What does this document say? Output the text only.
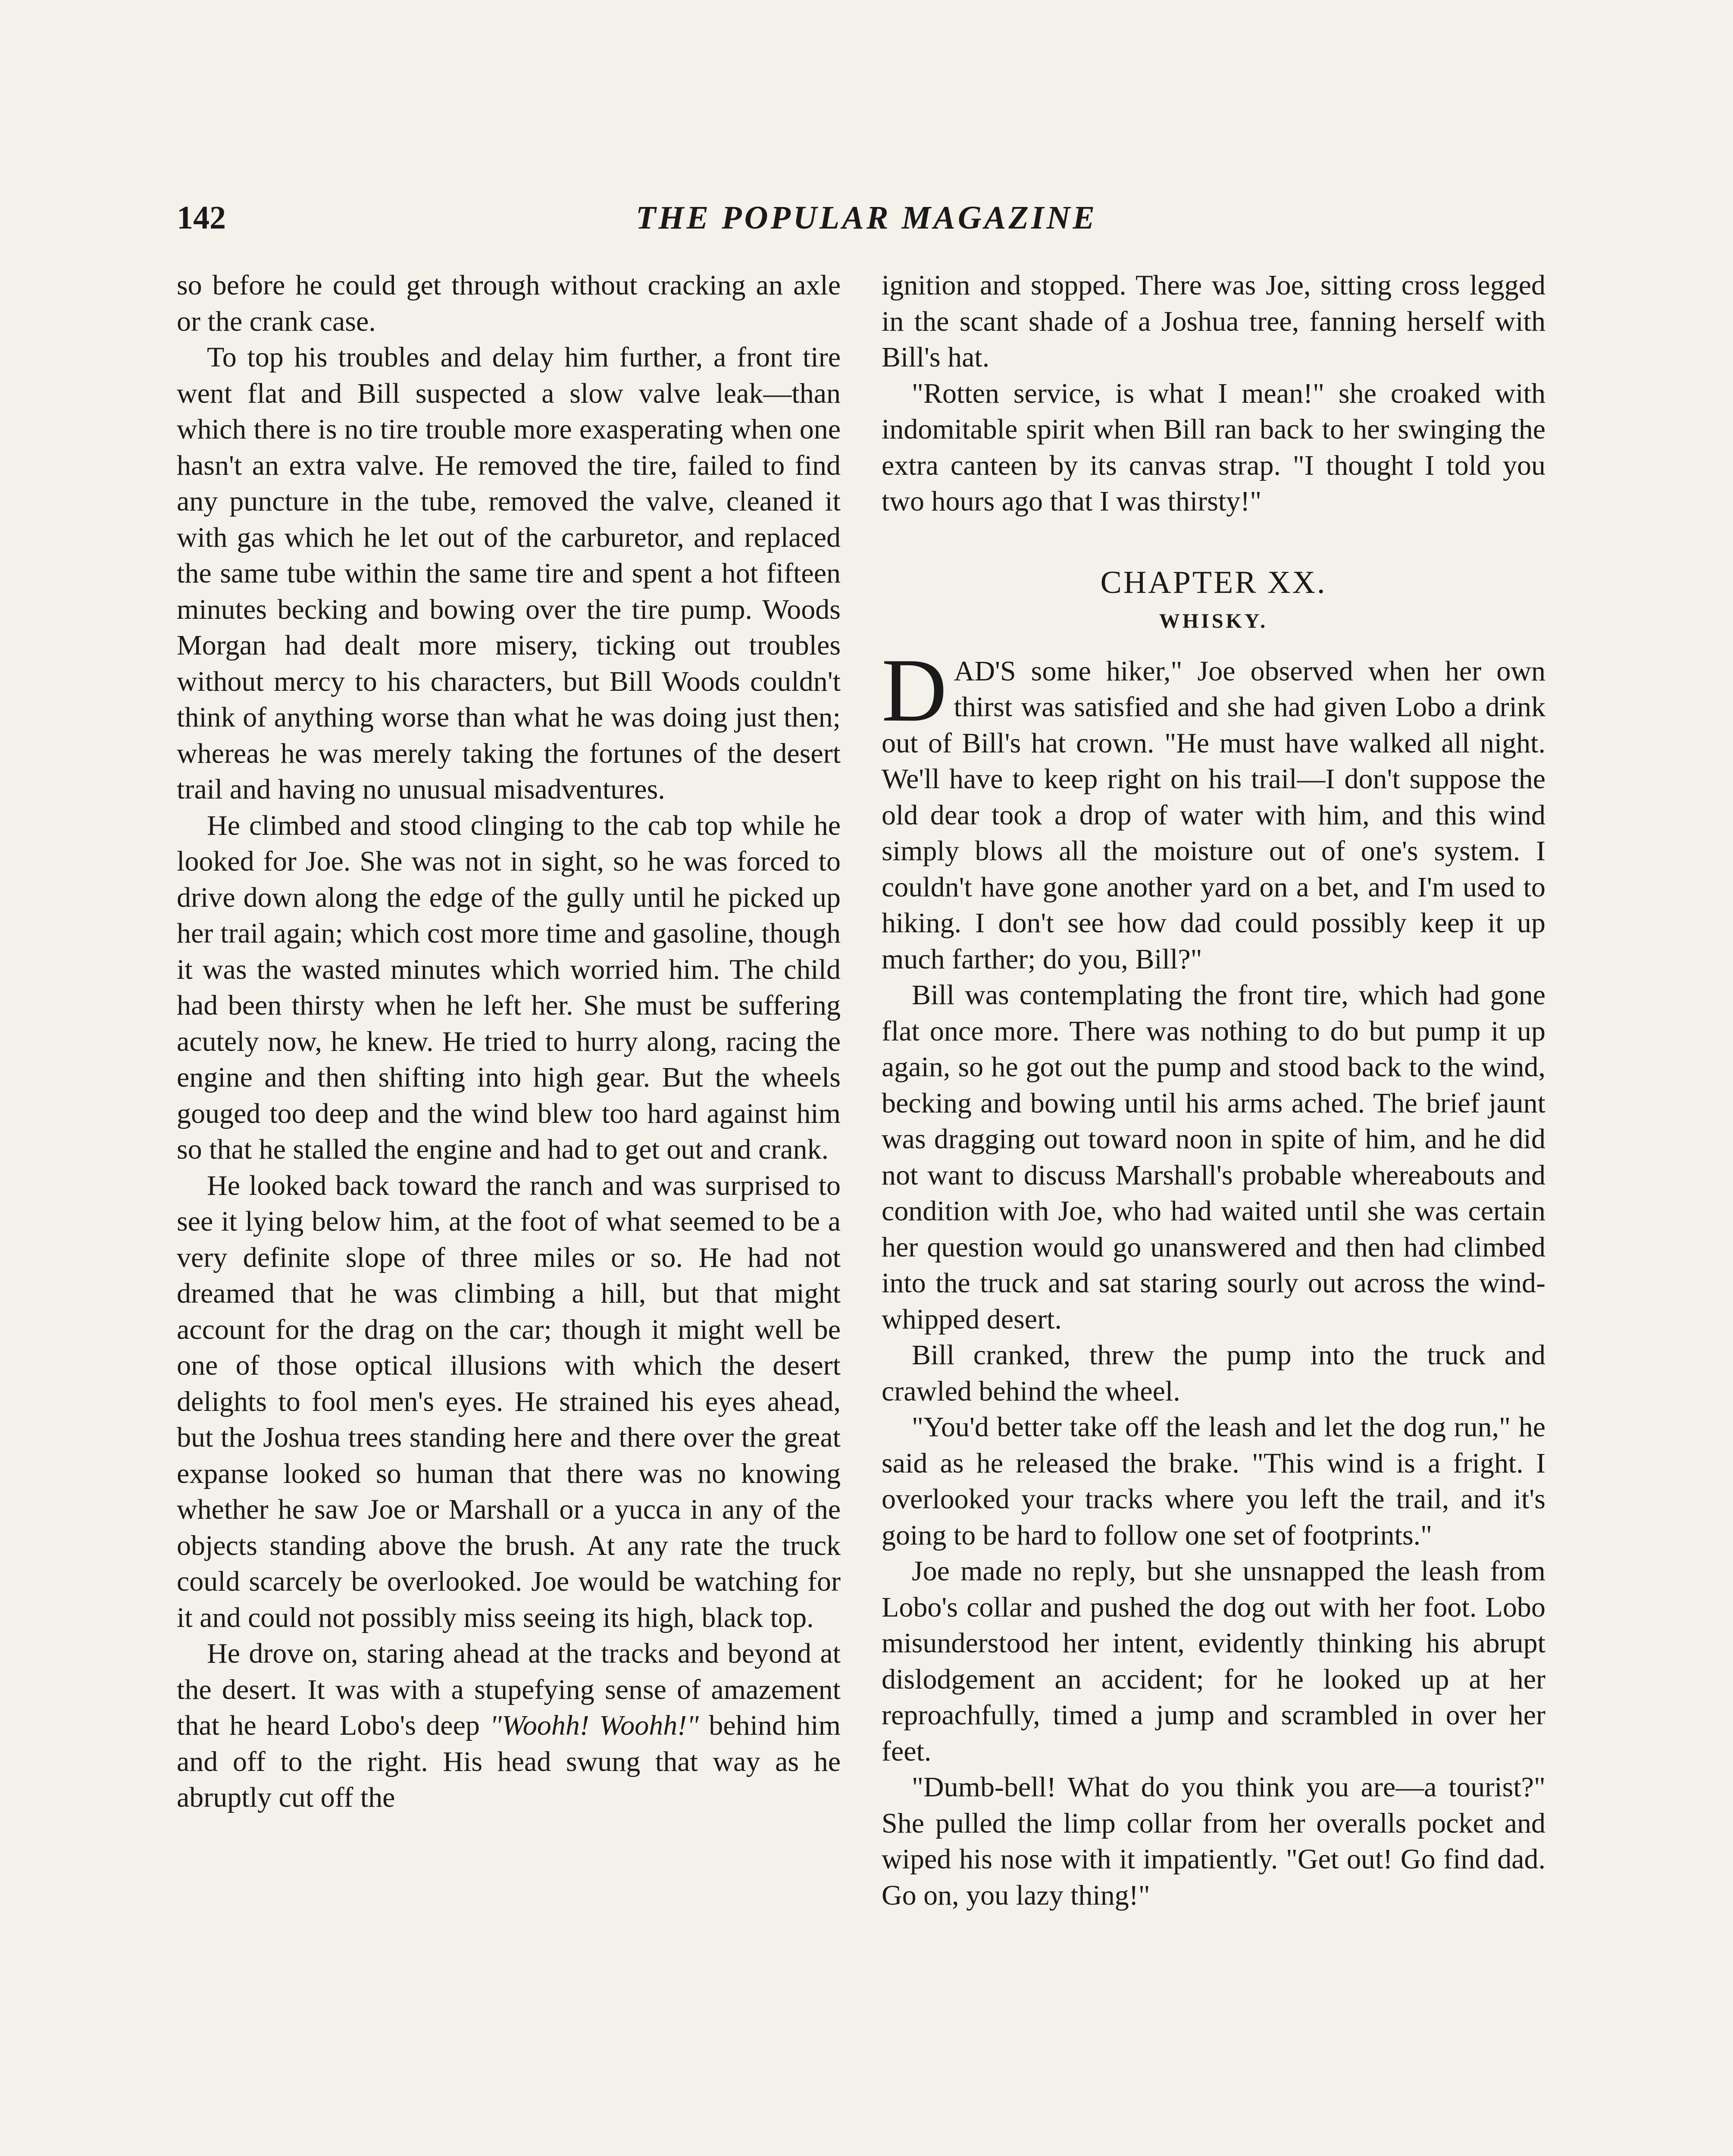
142	THE POPULAR MAGAZINE

so before he could get through without cracking an axle or the crank case.

To top his troubles and delay him further, a front tire went flat and Bill suspected a slow valve leak—than which there is no tire trouble more exasperating when one hasn't an extra valve. He removed the tire, failed to find any puncture in the tube, removed the valve, cleaned it with gas which he let out of the carburetor, and replaced the same tube within the same tire and spent a hot fifteen minutes becking and bowing over the tire pump. Woods Morgan had dealt more misery, ticking out troubles without mercy to his characters, but Bill Woods couldn't think of anything worse than what he was doing just then; whereas he was merely taking the fortunes of the desert trail and having no unusual misadventures.

He climbed and stood clinging to the cab top while he looked for Joe. She was not in sight, so he was forced to drive down along the edge of the gully until he picked up her trail again; which cost more time and gasoline, though it was the wasted minutes which worried him. The child had been thirsty when he left her. She must be suffering acutely now, he knew. He tried to hurry along, racing the engine and then shifting into high gear. But the wheels gouged too deep and the wind blew too hard against him so that he stalled the engine and had to get out and crank.

He looked back toward the ranch and was surprised to see it lying below him, at the foot of what seemed to be a very definite slope of three miles or so. He had not dreamed that he was climbing a hill, but that might account for the drag on the car; though it might well be one of those optical illusions with which the desert delights to fool men's eyes. He strained his eyes ahead, but the Joshua trees standing here and there over the great expanse looked so human that there was no knowing whether he saw Joe or Marshall or a yucca in any of the objects standing above the brush. At any rate the truck could scarcely be overlooked. Joe would be watching for it and could not possibly miss seeing its high, black top.

He drove on, staring ahead at the tracks and beyond at the desert. It was with a stupefying sense of amazement that he heard Lobo's deep "Woohh! Woohh!" behind him and off to the right. His head swung that way as he abruptly cut off the

ignition and stopped. There was Joe, sitting cross legged in the scant shade of a Joshua tree, fanning herself with Bill's hat.

"Rotten service, is what I mean!" she croaked with indomitable spirit when Bill ran back to her swinging the extra canteen by its canvas strap. "I thought I told you two hours ago that I was thirsty!"

CHAPTER XX.
WHISKY.

DAD'S some hiker," Joe observed when her own thirst was satisfied and she had given Lobo a drink out of Bill's hat crown. "He must have walked all night. We'll have to keep right on his trail—I don't suppose the old dear took a drop of water with him, and this wind simply blows all the moisture out of one's system. I couldn't have gone another yard on a bet, and I'm used to hiking. I don't see how dad could possibly keep it up much farther; do you, Bill?"

Bill was contemplating the front tire, which had gone flat once more. There was nothing to do but pump it up again, so he got out the pump and stood back to the wind, becking and bowing until his arms ached. The brief jaunt was dragging out toward noon in spite of him, and he did not want to discuss Marshall's probable whereabouts and condition with Joe, who had waited until she was certain her question would go unanswered and then had climbed into the truck and sat staring sourly out across the wind-whipped desert.

Bill cranked, threw the pump into the truck and crawled behind the wheel.

"You'd better take off the leash and let the dog run," he said as he released the brake. "This wind is a fright. I overlooked your tracks where you left the trail, and it's going to be hard to follow one set of footprints."

Joe made no reply, but she unsnapped the leash from Lobo's collar and pushed the dog out with her foot. Lobo misunderstood her intent, evidently thinking his abrupt dislodgement an accident; for he looked up at her reproachfully, timed a jump and scrambled in over her feet.

"Dumb-bell! What do you think you are—a tourist?" She pulled the limp collar from her overalls pocket and wiped his nose with it impatiently. "Get out! Go find dad. Go on, you lazy thing!"
